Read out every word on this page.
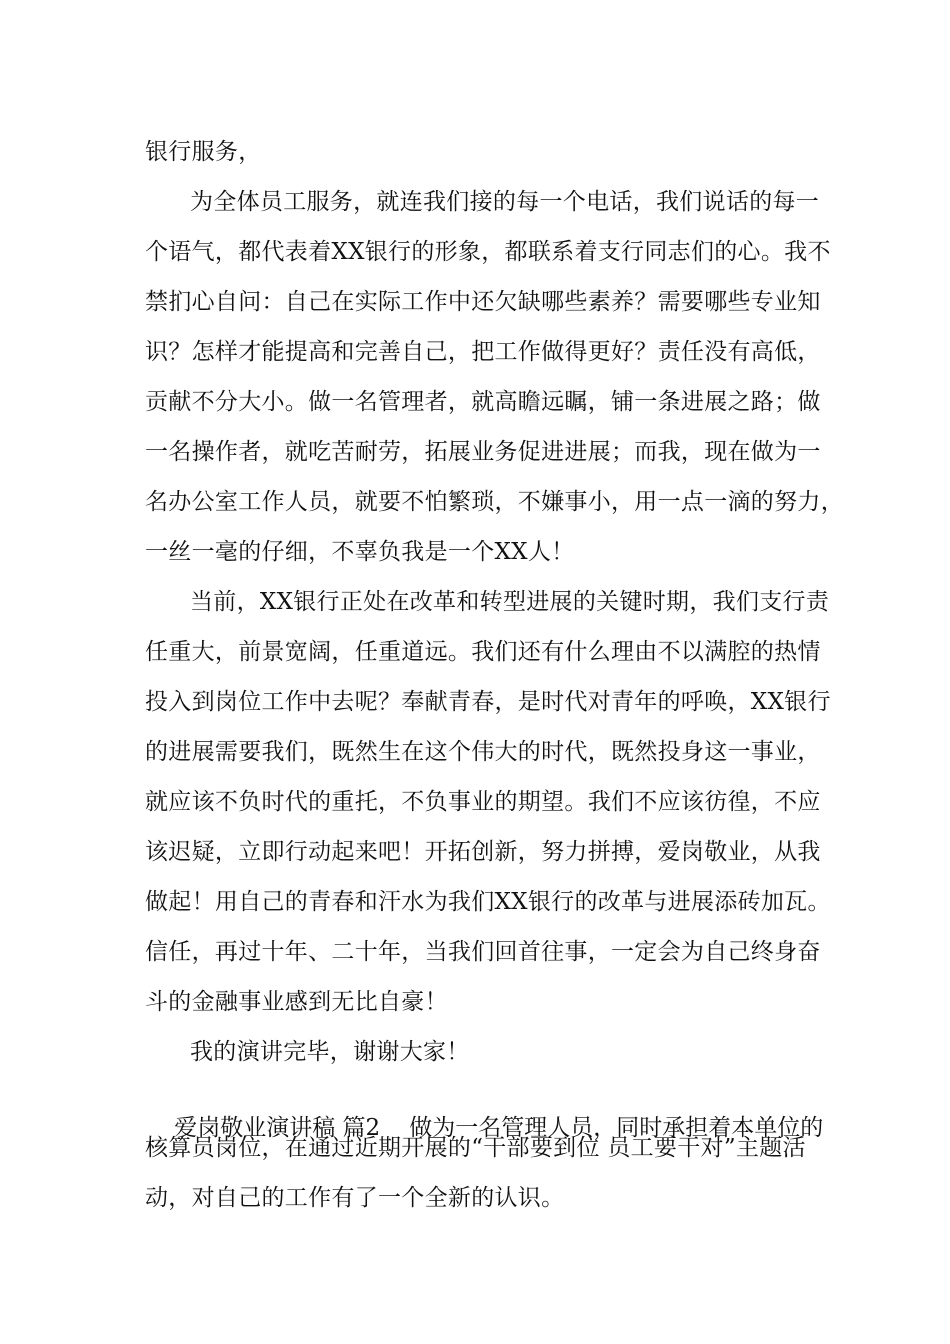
银行服务，
为全体员工服务，就连我们接的每一个电话，我们说话的每一
个语气，都代表着XX银行的形象，都联系着支行同志们的心。我不
禁扪心自问：自己在实际工作中还欠缺哪些素养？需要哪些专业知
识？怎样才能提高和完善自己，把工作做得更好？责任没有高低，
贡献不分大小。做一名管理者，就高瞻远瞩，铺一条进展之路；做
一名操作者，就吃苦耐劳，拓展业务促进进展；而我，现在做为一
名办公室工作人员，就要不怕繁琐，不嫌事小，用一点一滴的努力，
一丝一毫的仔细，不辜负我是一个XX人！
当前，XX银行正处在改革和转型进展的关键时期，我们支行责
任重大，前景宽阔，任重道远。我们还有什么理由不以满腔的热情
投入到岗位工作中去呢？奉献青春，是时代对青年的呼唤，XX银行
的进展需要我们，既然生在这个伟大的时代，既然投身这一事业，
就应该不负时代的重托，不负事业的期望。我们不应该彷徨，不应
该迟疑，立即行动起来吧！开拓创新，努力拼搏，爱岗敬业，从我
做起！用自己的青春和汗水为我们XX银行的改革与进展添砖加瓦。
信任，再过十年、二十年，当我们回首往事，一定会为自己终身奋
斗的金融事业感到无比自豪！
我的演讲完毕，谢谢大家！

爱岗敬业演讲稿 篇2 做为一名管理人员，同时承担着本单位的

核算员岗位，在通过近期开展的“干部要到位 员工要干对”主题活
动，对自己的工作有了一个全新的认识。
